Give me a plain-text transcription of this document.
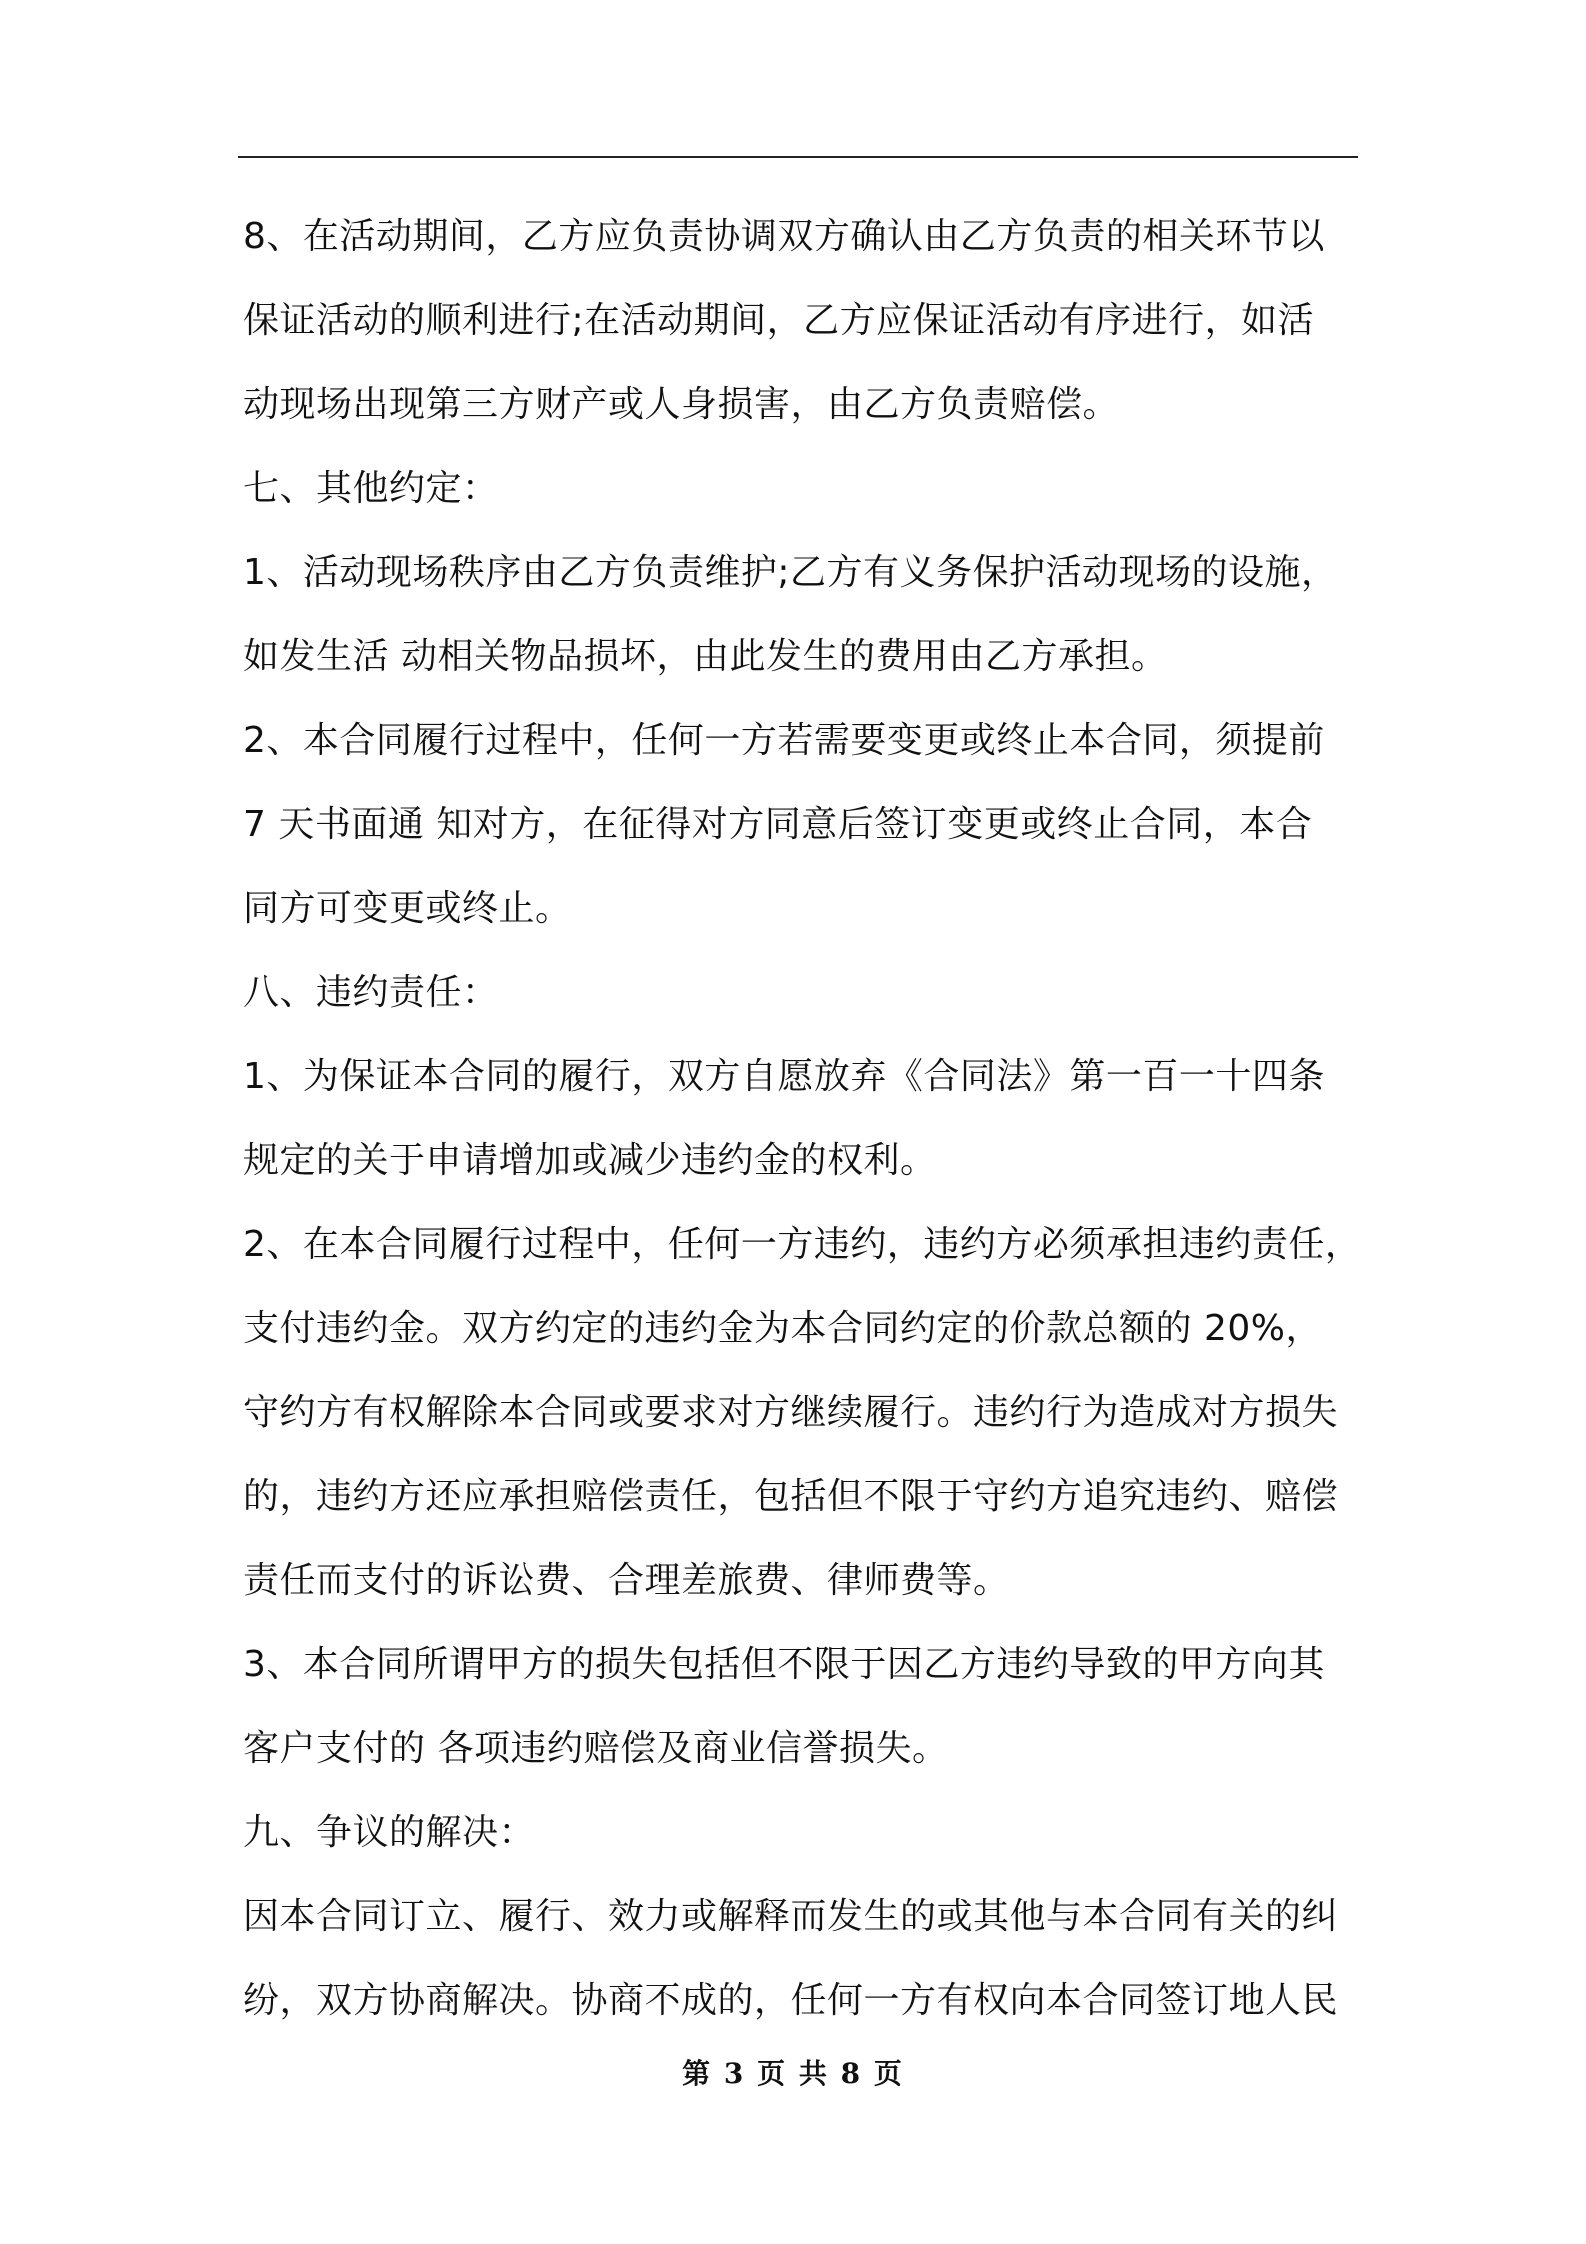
8、在活动期间，乙方应负责协调双方确认由乙方负责的相关环节以

保证活动的顺利进行;在活动期间，乙方应保证活动有序进行，如活

动现场出现第三方财产或人身损害，由乙方负责赔偿。

七、其他约定：

1、活动现场秩序由乙方负责维护;乙方有义务保护活动现场的设施，

如发生活 动相关物品损坏，由此发生的费用由乙方承担。

2、本合同履行过程中，任何一方若需要变更或终止本合同，须提前

7 天书面通 知对方，在征得对方同意后签订变更或终止合同，本合

同方可变更或终止。

八、违约责任：

1、为保证本合同的履行，双方自愿放弃《合同法》第一百一十四条

规定的关于申请增加或减少违约金的权利。

2、在本合同履行过程中，任何一方违约，违约方必须承担违约责任，

支付违约金。双方约定的违约金为本合同约定的价款总额的 20%，

守约方有权解除本合同或要求对方继续履行。违约行为造成对方损失

的，违约方还应承担赔偿责任，包括但不限于守约方追究违约、赔偿

责任而支付的诉讼费、合理差旅费、律师费等。

3、本合同所谓甲方的损失包括但不限于因乙方违约导致的甲方向其

客户支付的 各项违约赔偿及商业信誉损失。

九、争议的解决：

因本合同订立、履行、效力或解释而发生的或其他与本合同有关的纠

纷，双方协商解决。协商不成的，任何一方有权向本合同签订地人民

第 3 页 共 8 页
